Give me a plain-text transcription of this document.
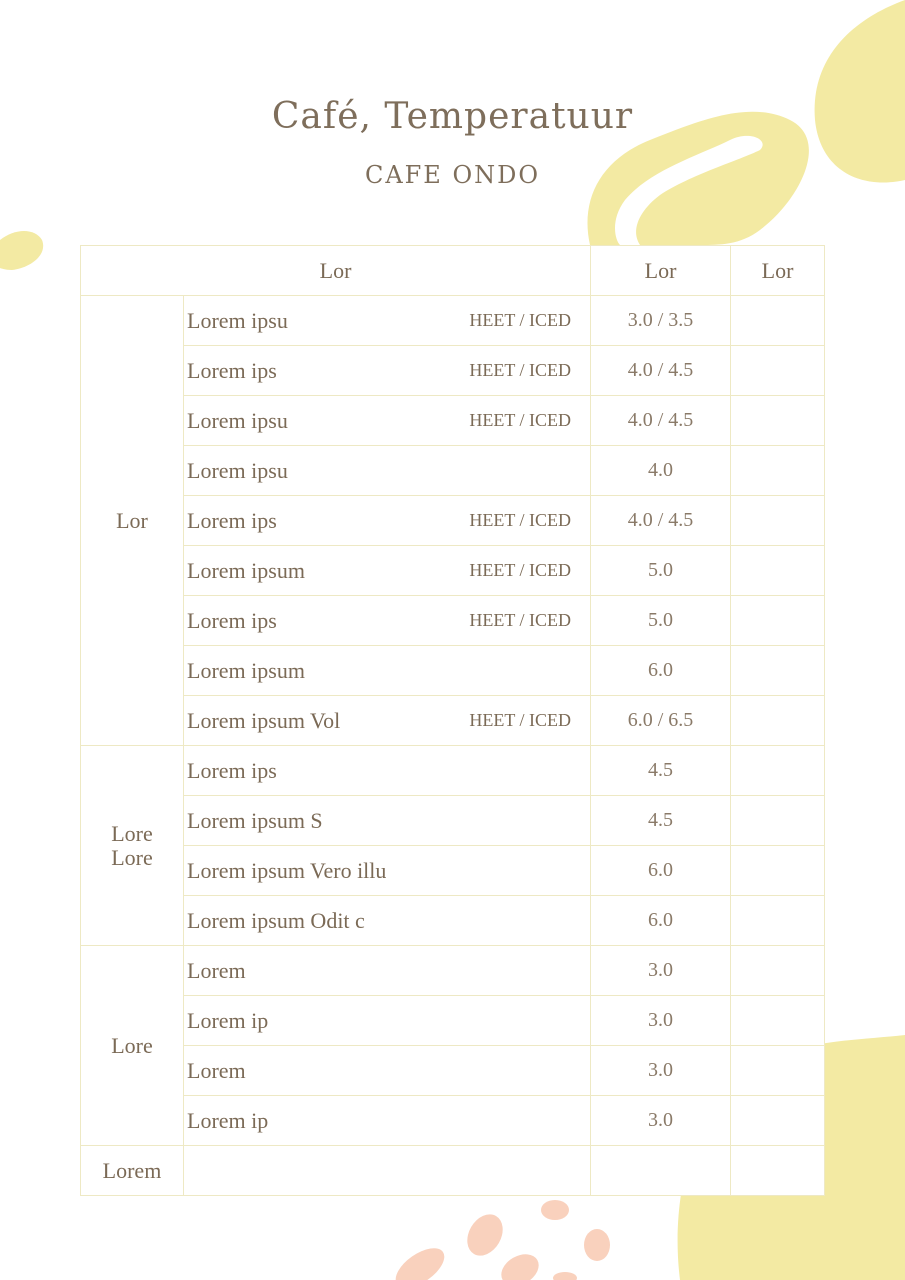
Café, Temperatuur
CAFE ONDO
Lor		Lor	Lor
Lor	Lorem ipsu HEET / ICED	3.0 / 3.5	

	Lorem ips HEET / ICED	4.0 / 4.5	

	Lorem ipsu HEET / ICED	4.0 / 4.5	

	Lorem ipsu	4.0	

	Lorem ips HEET / ICED	4.0 / 4.5	

	Lorem ipsum HEET / ICED	5.0	

	Lorem ips HEET / ICED	5.0	

	Lorem ipsum	6.0	

	Lorem ipsum Vol HEET / ICED	6.0 / 6.5	
Lore Lore	Lorem ips	4.5	

	Lorem ipsum S	4.5	

	Lorem ipsum Vero illu	6.0	

	Lorem ipsum Odit c	6.0	
Lore	Lorem	3.0	

	Lorem ip	3.0	

	Lorem	3.0	

	Lorem ip	3.0	
Lorem	
